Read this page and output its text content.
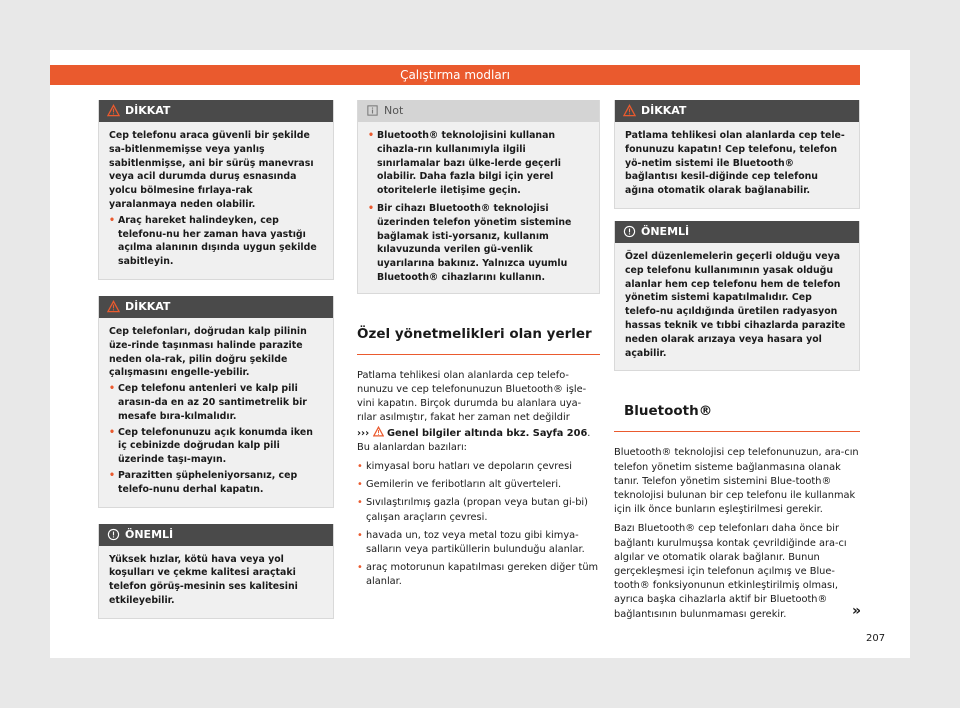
Çalıştırma modları
DİKKAT

Cep telefonu araca güvenli bir şekilde sa-bitlenmemişse veya yanlış sabitlenmişse, ani bir sürüş manevrası veya acil durumda duruş esnasında yolcu bölmesine fırlaya-rak yaralanmaya neden olabilir.

• Araç hareket halindeyken, cep telefonu-nu her zaman hava yastığı açılma alanının dışında uygun şekilde sabitleyin.

DİKKAT

Cep telefonları, doğrudan kalp pilinin üze-rinde taşınması halinde parazite neden ola-rak, pilin doğru şekilde çalışmasını engelle-yebilir.

• Cep telefonu antenleri ve kalp pili arasın-da en az 20 santimetrelik bir mesafe bıra-kılmalıdır.

• Cep telefonunuzu açık konumda iken iç cebinizde doğrudan kalp pili üzerinde taşı-mayın.

• Parazitten şüpheleniyorsanız, cep telefo-nunu derhal kapatın.

ÖNEMLİ

Yüksek hızlar, kötü hava veya yol koşulları ve çekme kalitesi araçtaki telefon görüş-mesinin ses kalitesini etkileyebilir.

Not

• Bluetooth® teknolojisini kullanan cihazla-rın kullanımıyla ilgili sınırlamalar bazı ülke-lerde geçerli olabilir. Daha fazla bilgi için yerel otoritelerle iletişime geçin.

• Bir cihazı Bluetooth® teknolojisi üzerinden telefon yönetim sistemine bağlamak isti-yorsanız, kullanım kılavuzunda verilen gü-venlik uyarılarına bakınız. Yalnızca uyumlu Bluetooth® cihazlarını kullanın.

Özel yönetmelikleri olan yerler

Patlama tehlikesi olan alanlarda cep telefo-nunuzu ve cep telefonunuzun Bluetooth® işle-vini kapatın. Birçok durumda bu alanlara uya-rılar asılmıştır, fakat her zaman net değildir
››› Genel bilgiler altında bkz. Sayfa 206.
Bu alanlardan bazıları:

• kimyasal boru hatları ve depoların çevresi

• Gemilerin ve feribotların alt güverteleri.

• Sıvılaştırılmış gazla (propan veya butan gi-bi) çalışan araçların çevresi.

• havada un, toz veya metal tozu gibi kimya-salların veya partiküllerin bulunduğu alanlar.

• araç motorunun kapatılması gereken diğer tüm alanlar.

DİKKAT

Patlama tehlikesi olan alanlarda cep tele-fonunuzu kapatın! Cep telefonu, telefon yö-netim sistemi ile Bluetooth® bağlantısı kesil-diğinde cep telefonu ağına otomatik olarak bağlanabilir.

ÖNEMLİ

Özel düzenlemelerin geçerli olduğu veya cep telefonu kullanımının yasak olduğu alanlar hem cep telefonu hem de telefon yönetim sistemi kapatılmalıdır. Cep telefo-nu açıldığında üretilen radyasyon hassas teknik ve tıbbi cihazlarda parazite neden olarak arızaya veya hasara yol açabilir.

Bluetooth®

Bluetooth® teknolojisi cep telefonunuzun, ara-cın telefon yönetim sisteme bağlanmasına olanak tanır. Telefon yönetim sistemini Blue-tooth® teknolojisi bulunan bir cep telefonu ile kullanmak için ilk önce bunların eşleştirilmesi gerekir.

Bazı Bluetooth® cep telefonları daha önce bir bağlantı kurulmuşsa kontak çevrildiğinde ara-cı algılar ve otomatik olarak bağlanır. Bunun gerçekleşmesi için telefonun açılmış ve Blue-tooth® fonksiyonunun etkinleştirilmiş olması, ayrıca başka cihazlarla aktif bir Bluetooth® bağlantısının bulunmaması gerekir.	»
207
